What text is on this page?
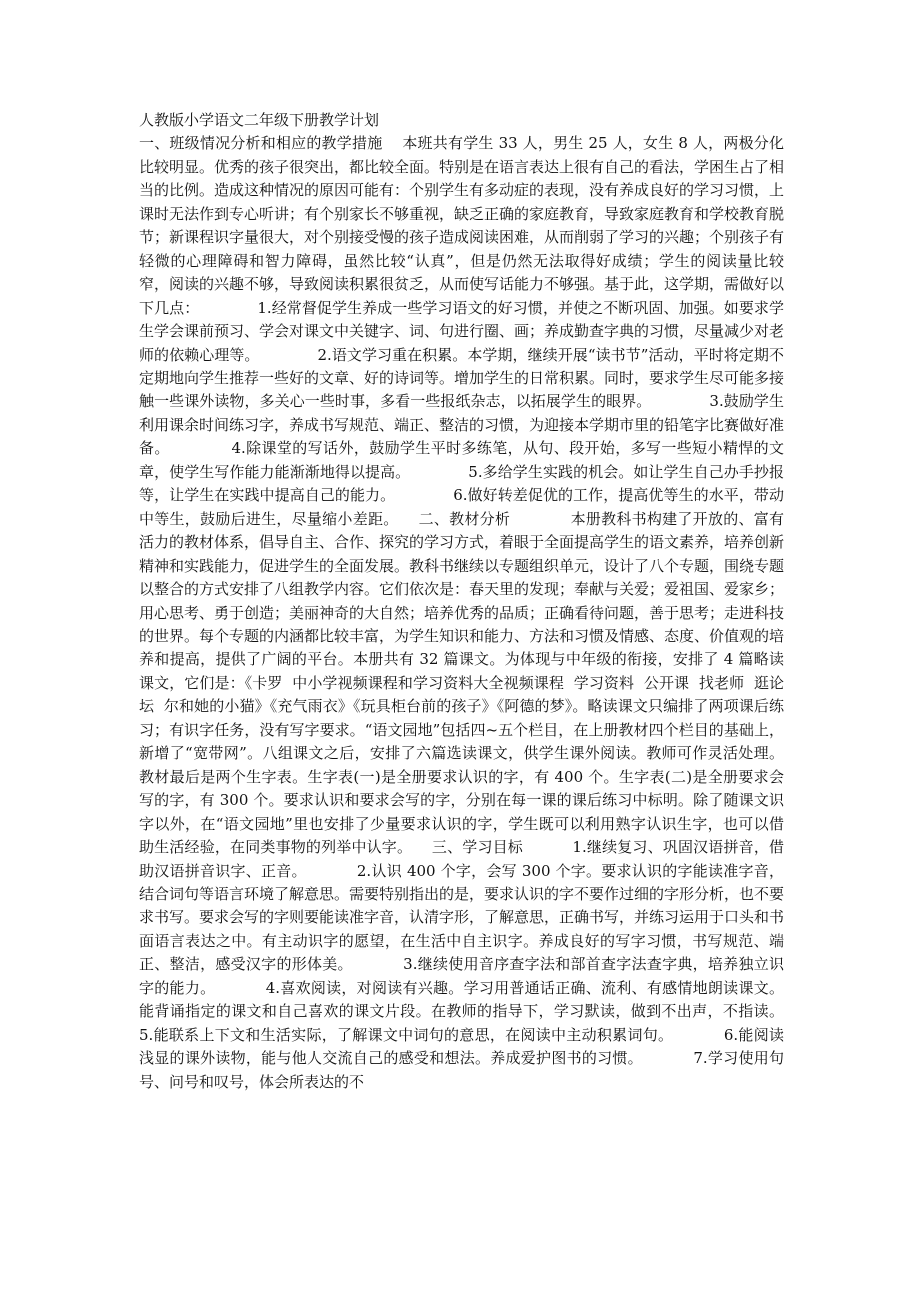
人教版小学语文二年级下册教学计划
一、班级情况分析和相应的教学措施    本班共有学生 33 人，男生 25 人，女生 8 人，两极分化比较明显。优秀的孩子很突出，都比较全面。特别是在语言表达上很有自己的看法，学困生占了相当的比例。造成这种情况的原因可能有：个别学生有多动症的表现，没有养成良好的学习习惯，上课时无法作到专心听讲；有个别家长不够重视，缺乏正确的家庭教育，导致家庭教育和学校教育脱节；新课程识字量很大，对个别接受慢的孩子造成阅读困难，从而削弱了学习的兴趣；个别孩子有轻微的心理障碍和智力障碍，虽然比较“认真”，但是仍然无法取得好成绩；学生的阅读量比较窄，阅读的兴趣不够，导致阅读积累很贫乏，从而使写话能力不够强。基于此，这学期，需做好以下几点：            1.经常督促学生养成一些学习语文的好习惯，并使之不断巩固、加强。如要求学生学会课前预习、学会对课文中关键字、词、句进行圈、画；养成勤查字典的习惯，尽量减少对老师的依赖心理等。            2.语文学习重在积累。本学期，继续开展“读书节”活动，平时将定期不定期地向学生推荐一些好的文章、好的诗词等。增加学生的日常积累。同时，要求学生尽可能多接触一些课外读物，多关心一些时事，多看一些报纸杂志，以拓展学生的眼界。            3.鼓励学生利用课余时间练习字，养成书写规范、端正、整洁的习惯，为迎接本学期市里的铅笔字比赛做好准备。            4.除课堂的写话外，鼓励学生平时多练笔，从句、段开始，多写一些短小精悍的文章，使学生写作能力能渐渐地得以提高。            5.多给学生实践的机会。如让学生自己办手抄报等，让学生在实践中提高自己的能力。            6.做好转差促优的工作，提高优等生的水平，带动中等生，鼓励后进生，尽量缩小差距。    二、教材分析            本册教科书构建了开放的、富有活力的教材体系，倡导自主、合作、探究的学习方式，着眼于全面提高学生的语文素养，培养创新精神和实践能力，促进学生的全面发展。教科书继续以专题组织单元，设计了八个专题，围绕专题以整合的方式安排了八组教学内容。它们依次是：春天里的发现；奉献与关爱；爱祖国、爱家乡；用心思考、勇于创造；美丽神奇的大自然；培养优秀的品质；正确看待问题，善于思考；走进科技的世界。每个专题的内涵都比较丰富，为学生知识和能力、方法和习惯及情感、态度、价值观的培养和提高，提供了广阔的平台。本册共有 32 篇课文。为体现与中年级的衔接，安排了 4 篇略读课文，它们是：《卡罗  中小学视频课程和学习资料大全视频课程  学习资料  公开课  找老师  逛论坛  尔和她的小猫》《充气雨衣》《玩具柜台前的孩子》《阿德的梦》。略读课文只编排了两项课后练习；有识字任务，没有写字要求。“语文园地”包括四~五个栏目，在上册教材四个栏目的基础上，新增了“宽带网”。八组课文之后，安排了六篇选读课文，供学生课外阅读。教师可作灵活处理。教材最后是两个生字表。生字表(一)是全册要求认识的字，有 400 个。生字表(二)是全册要求会写的字，有 300 个。要求认识和要求会写的字，分别在每一课的课后练习中标明。除了随课文识字以外，在“语文园地”里也安排了少量要求认识的字，学生既可以利用熟字认识生字，也可以借助生活经验，在同类事物的列举中认字。    三、学习目标          1.继续复习、巩固汉语拼音，借助汉语拼音识字、正音。          2.认识 400 个字，会写 300 个字。要求认识的字能读准字音，结合词句等语言环境了解意思。需要特别指出的是，要求认识的字不要作过细的字形分析，也不要求书写。要求会写的字则要能读准字音，认清字形，了解意思，正确书写，并练习运用于口头和书面语言表达之中。有主动识字的愿望，在生活中自主识字。养成良好的写字习惯，书写规范、端正、整洁，感受汉字的形体美。          3.继续使用音序查字法和部首查字法查字典，培养独立识字的能力。          4.喜欢阅读，对阅读有兴趣。学习用普通话正确、流利、有感情地朗读课文。能背诵指定的课文和自己喜欢的课文片段。在教师的指导下，学习默读，做到不出声，不指读。          5.能联系上下文和生活实际，了解课文中词句的意思，在阅读中主动积累词句。          6.能阅读浅显的课外读物，能与他人交流自己的感受和想法。养成爱护图书的习惯。          7.学习使用句号、问号和叹号，体会所表达的不
